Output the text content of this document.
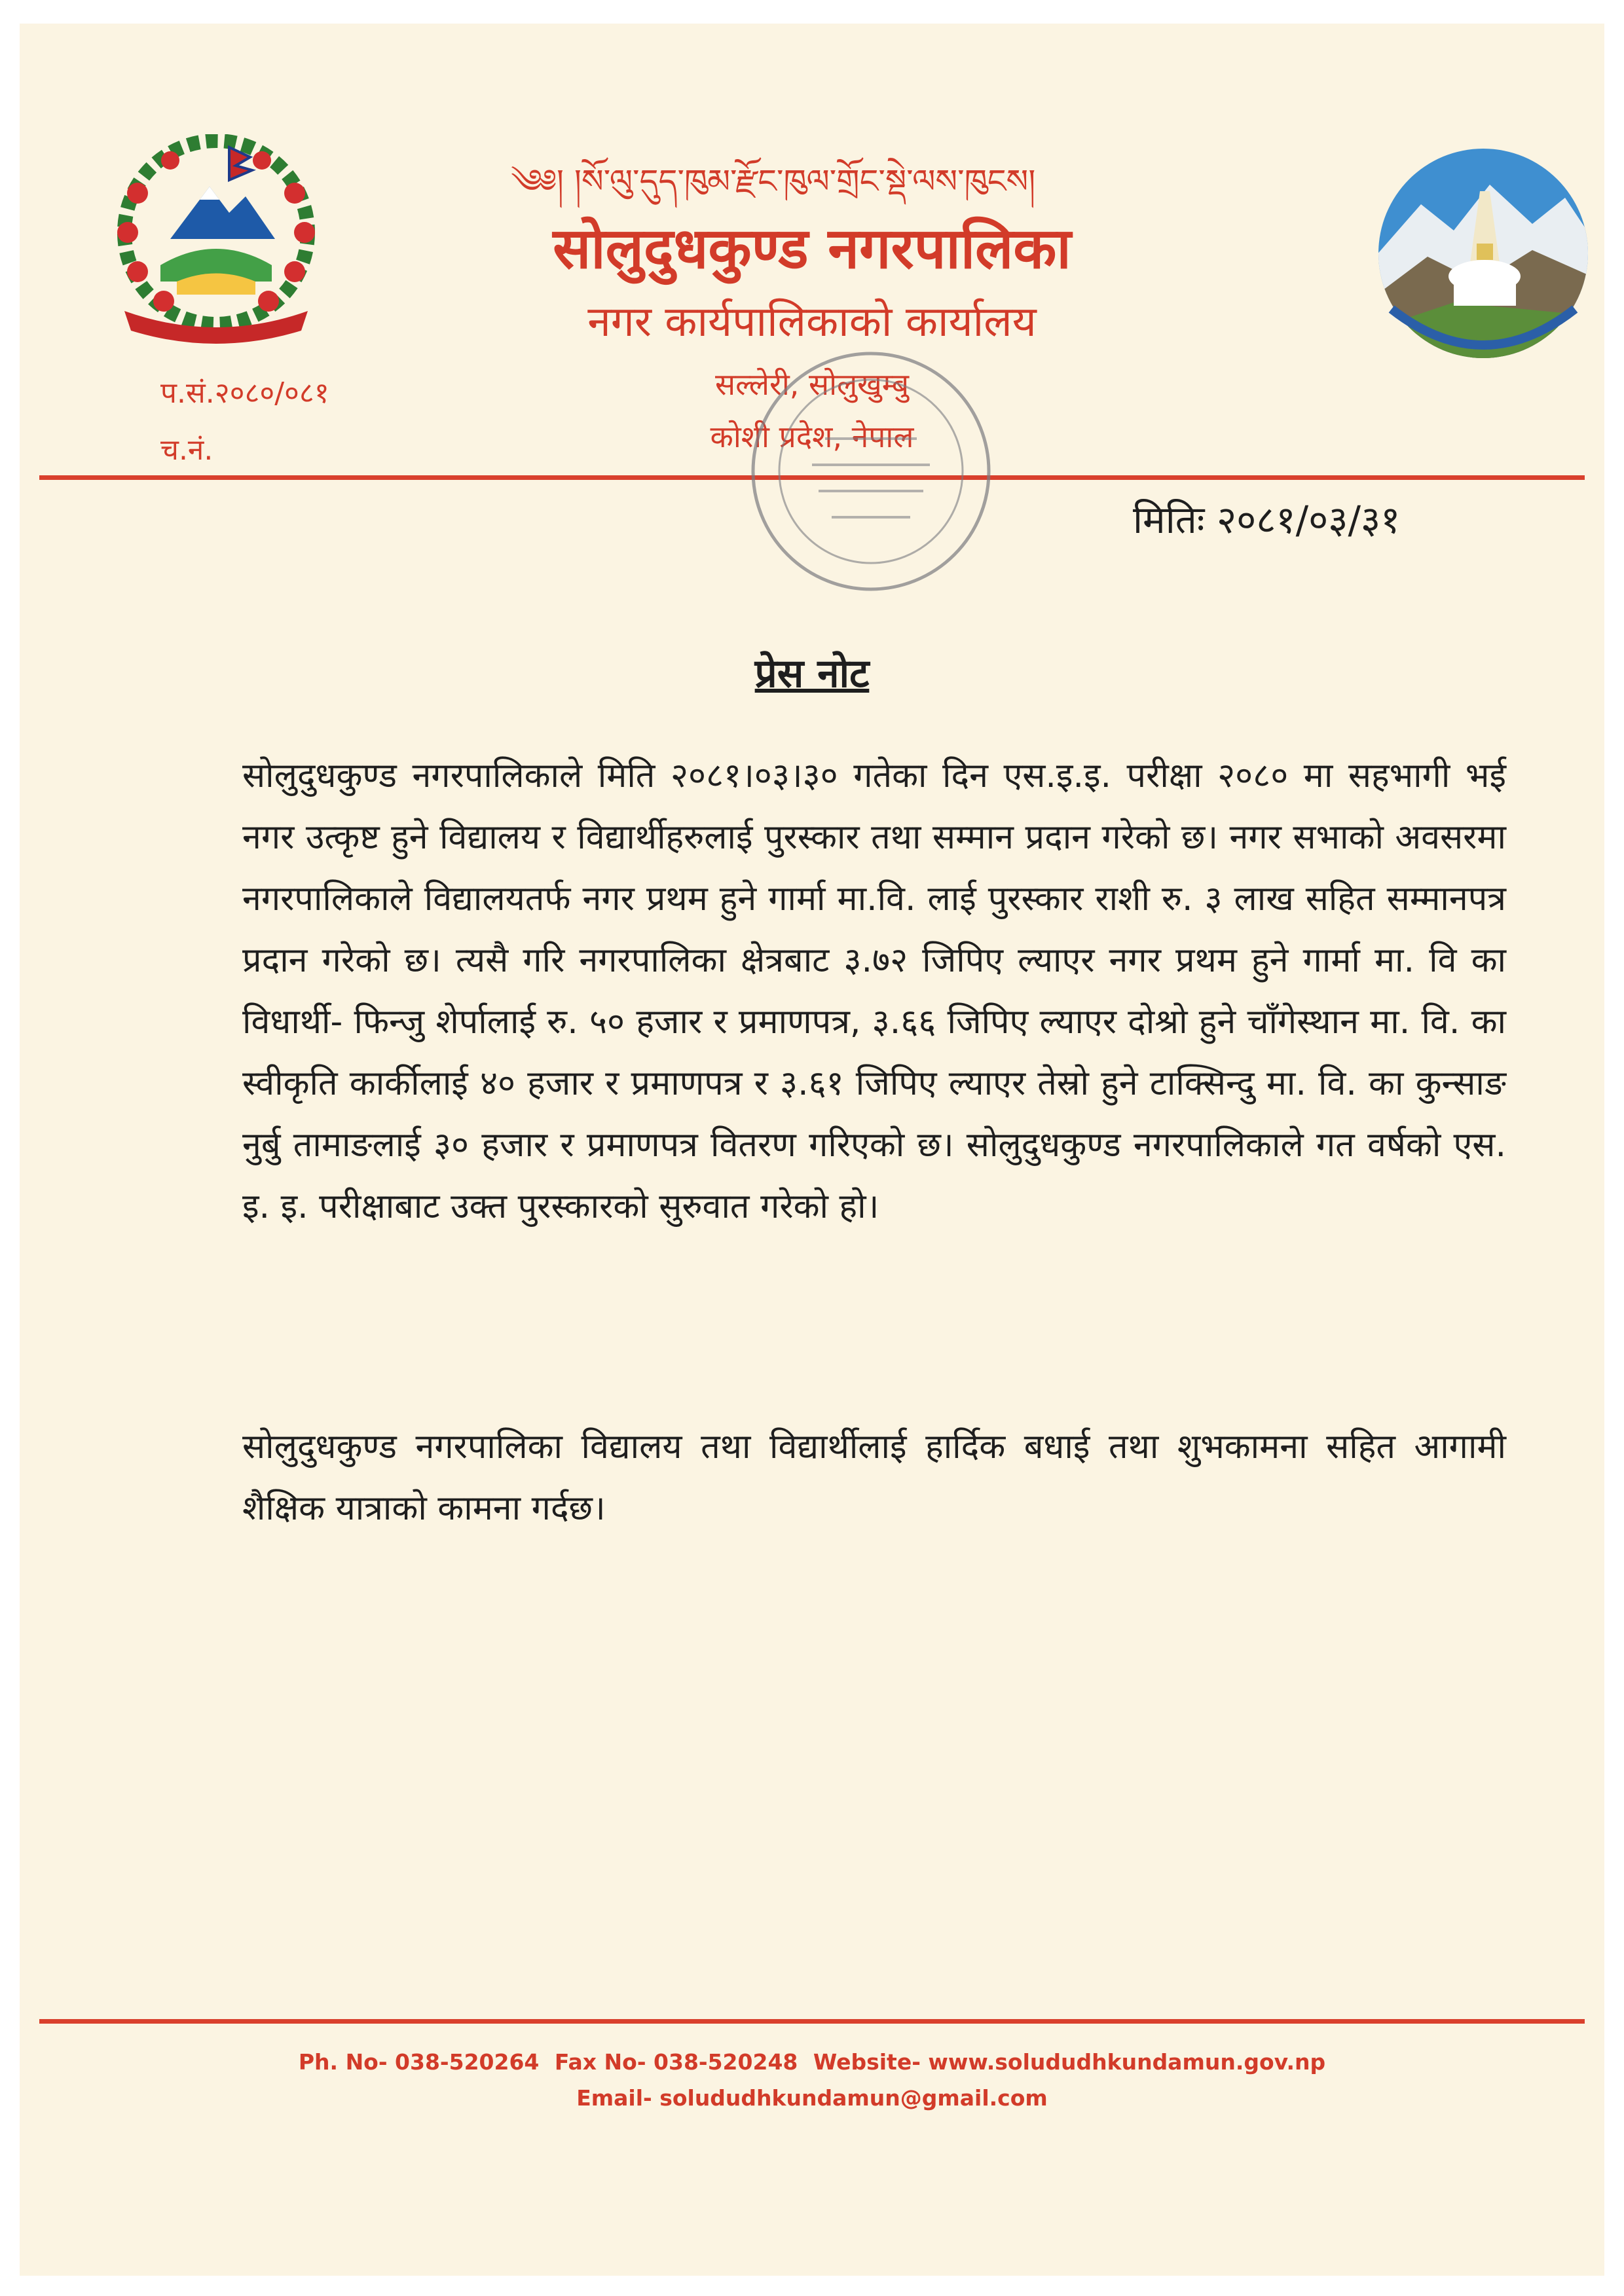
༄༅། །སོ་ལུ་དུད་ཁུམ་རྫོང་ཁུལ་གྲོང་སྡེ་ལས་ཁུངས།
सोलुदुधकुण्ड नगरपालिका
नगर कार्यपालिकाको कार्यालय
सल्लेरी, सोलुखुम्बु
कोशी प्रदेश, नेपाल
प.सं.२०८०/०८१
च.नं.
मितिः २०८१/०३/३१
प्रेस नोट
सोलुदुधकुण्ड नगरपालिकाले मिति २०८१।०३।३० गतेका दिन एस.इ.इ. परीक्षा २०८० मा सहभागी भई नगर उत्कृष्ट हुने विद्यालय र विद्यार्थीहरुलाई पुरस्कार तथा सम्मान प्रदान गरेको छ। नगर सभाको अवसरमा नगरपालिकाले विद्यालयतर्फ नगर प्रथम हुने गार्मा मा.वि. लाई पुरस्कार राशी रु. ३ लाख सहित सम्मानपत्र प्रदान गरेको छ। त्यसै गरि नगरपालिका क्षेत्रबाट ३.७२ जिपिए ल्याएर नगर प्रथम हुने गार्मा मा. वि का विधार्थी- फिन्जु शेर्पालाई रु. ५० हजार र प्रमाणपत्र, ३.६६ जिपिए ल्याएर दोश्रो हुने चाँगेस्थान मा. वि. का स्वीकृति कार्कीलाई ४० हजार र प्रमाणपत्र र ३.६१ जिपिए ल्याएर तेस्रो हुने टाक्सिन्दु मा. वि. का कुन्साङ नुर्बु तामाङलाई ३० हजार र प्रमाणपत्र वितरण गरिएको छ। सोलुदुधकुण्ड नगरपालिकाले गत वर्षको एस. इ. इ. परीक्षाबाट उक्त पुरस्कारको सुरुवात गरेको हो।
सोलुदुधकुण्ड नगरपालिका विद्यालय तथा विद्यार्थीलाई हार्दिक बधाई तथा शुभकामना सहित आगामी शैक्षिक यात्राको कामना गर्दछ।
Ph. No- 038-520264 Fax No- 038-520248 Website- www.solududhkundamun.gov.np
Email- solududhkundamun@gmail.com
